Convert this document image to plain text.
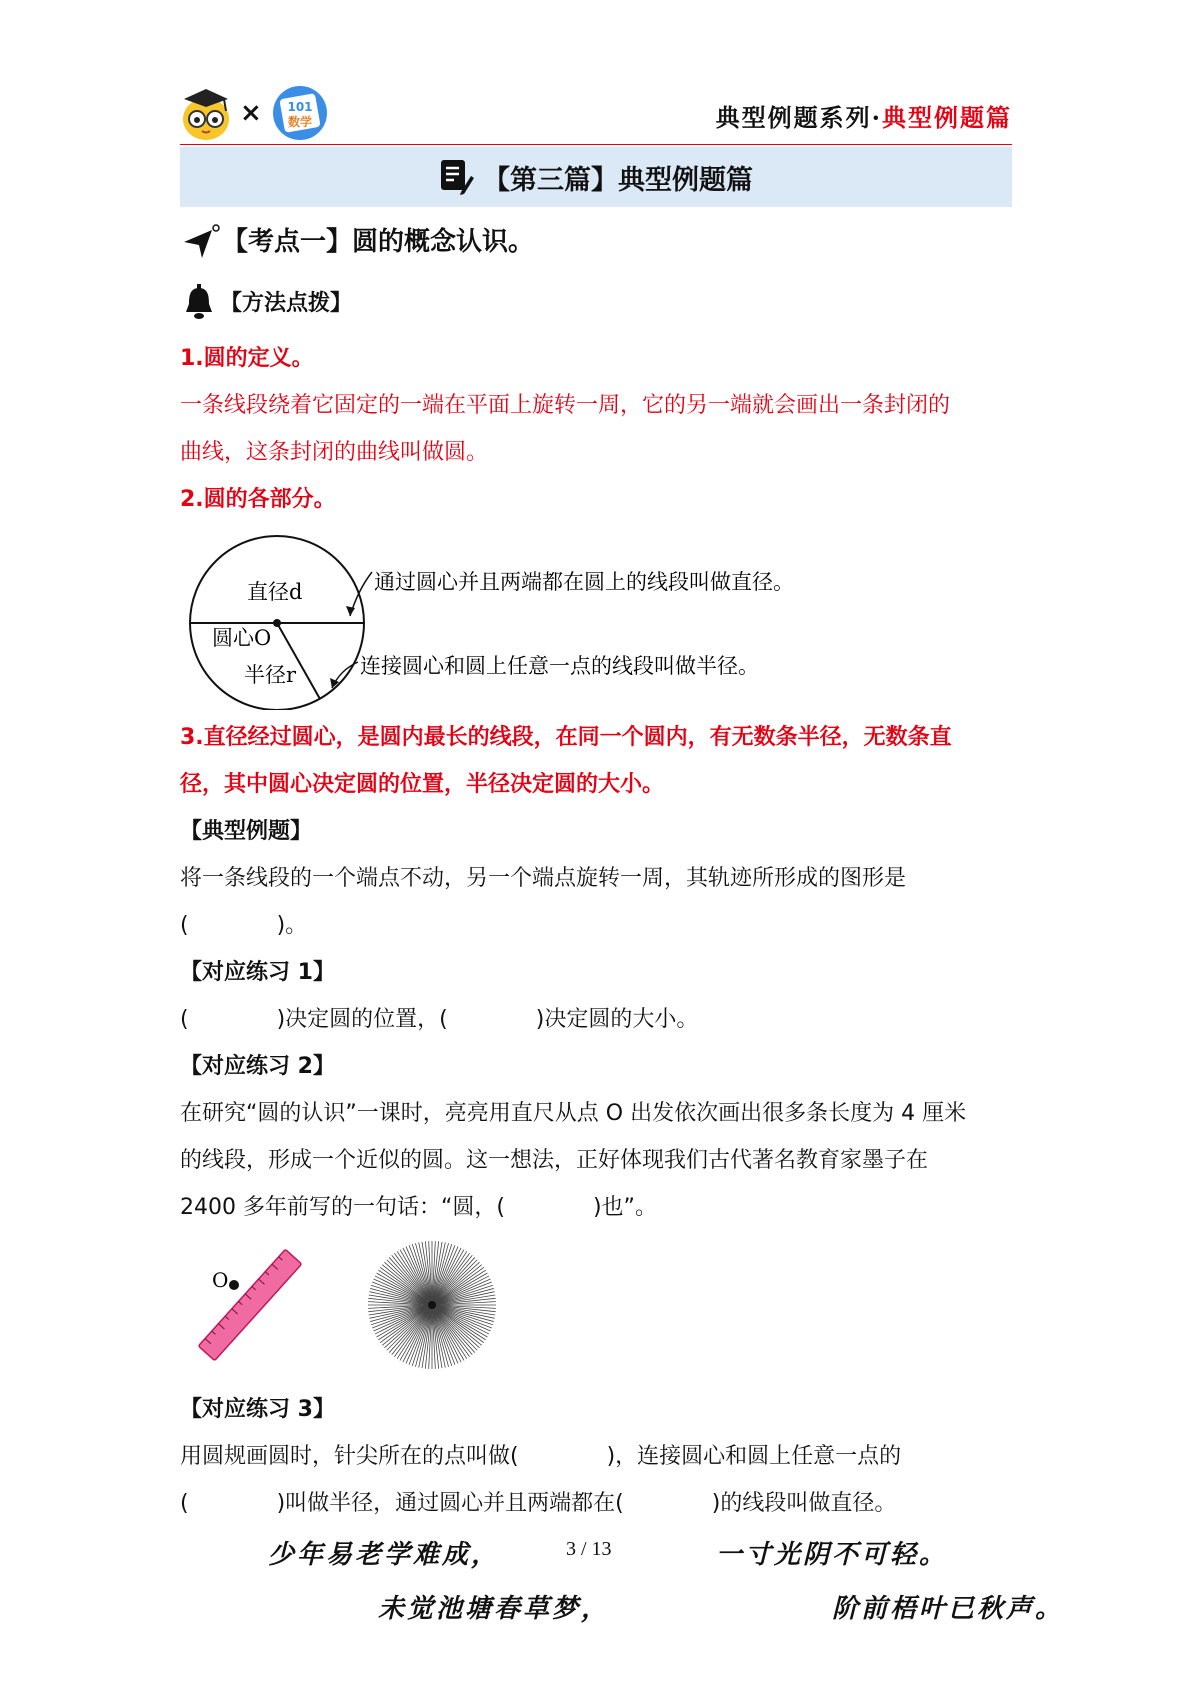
× 101
数学	典型例题系列·典型例题篇
【第三篇】典型例题篇
【考点一】圆的概念认识。
【方法点拨】
1.圆的定义。
一条线段绕着它固定的一端在平面上旋转一周，它的另一端就会画出一条封闭的
曲线，这条封闭的曲线叫做圆。
2.圆的各部分。
直径d
圆心O
半径r
通过圆心并且两端都在圆上的线段叫做直径。
连接圆心和圆上任意一点的线段叫做半径。
3.直径经过圆心，是圆内最长的线段，在同一个圆内，有无数条半径，无数条直
径，其中圆心决定圆的位置，半径决定圆的大小。
【典型例题】
将一条线段的一个端点不动，另一个端点旋转一周，其轨迹所形成的图形是
(　　　　)。
【对应练习 1】
(　　　　)决定圆的位置，(　　　　)决定圆的大小。
【对应练习 2】
在研究“圆的认识”一课时，亮亮用直尺从点 O 出发依次画出很多条长度为 4 厘米
的线段，形成一个近似的圆。这一想法，正好体现我们古代著名教育家墨子在
2400 多年前写的一句话：“圆，(　　　　)也”。
O
【对应练习 3】
用圆规画圆时，针尖所在的点叫做(　　　　)，连接圆心和圆上任意一点的
(　　　　)叫做半径，通过圆心并且两端都在(　　　　)的线段叫做直径。
少年易老学难成，	3 / 13	一寸光阴不可轻。
未觉池塘春草梦，	阶前梧叶已秋声。
